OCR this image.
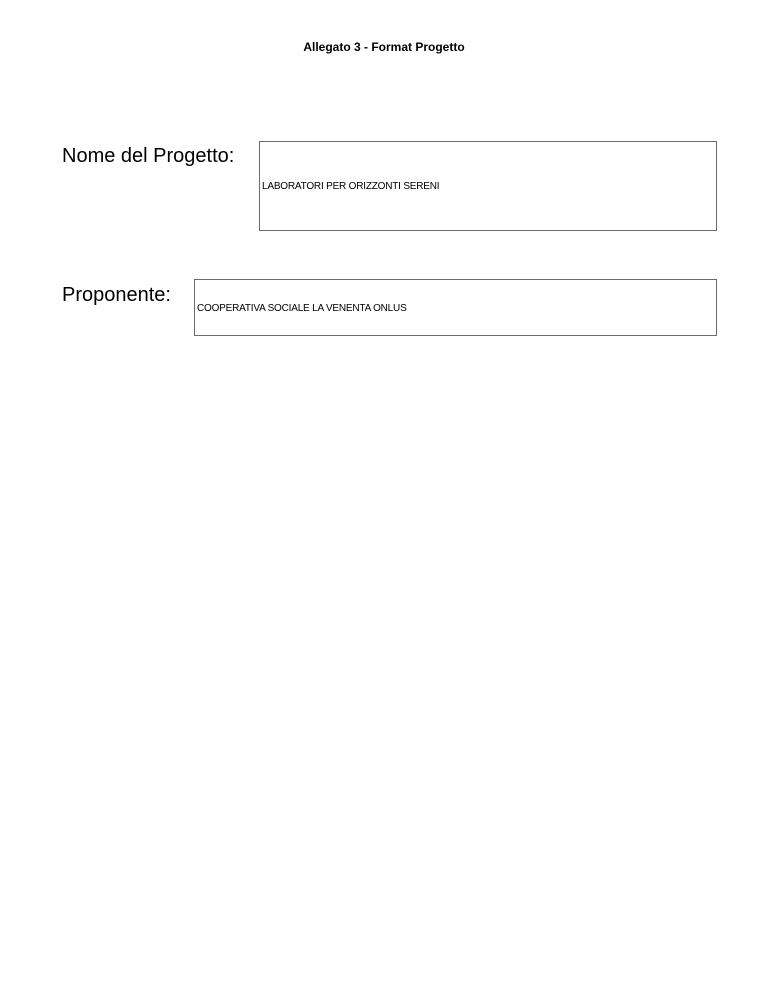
Allegato 3 - Format Progetto
Nome del Progetto:
LABORATORI PER ORIZZONTI SERENI
Proponente:
COOPERATIVA SOCIALE LA VENENTA ONLUS
